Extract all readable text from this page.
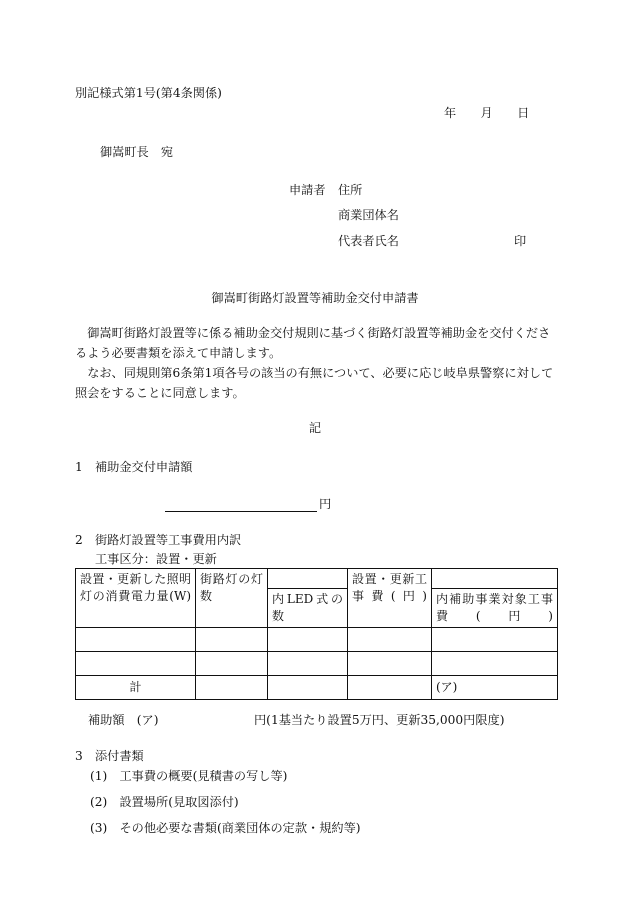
別記様式第1号(第4条関係)
年　　月　　日
御嵩町長　宛
申請者 住所
商業団体名
代表者氏名	印
御嵩町街路灯設置等補助金交付申請書
御嵩町街路灯設置等に係る補助金交付規則に基づく街路灯設置等補助金を交付くださるよう必要書類を添えて申請します。
なお、同規則第6条第1項各号の該当の有無について、必要に応じ岐阜県警察に対して照会をすることに同意します。
記
1　補助金交付申請額
円
2　街路灯設置等工事費用内訳
工事区分：設置・更新
設置・更新した照明灯の消費電力量(W)	街路灯の灯数		設置・更新工事費(円)	
		内LED式の数		内補助事業対象工事費(円)

計				(ア)
補助額　(ア)	円(1基当たり設置5万円、更新35,000円限度)
3　添付書類
(1)　工事費の概要(見積書の写し等)
(2)　設置場所(見取図添付)
(3)　その他必要な書類(商業団体の定款・規約等)
